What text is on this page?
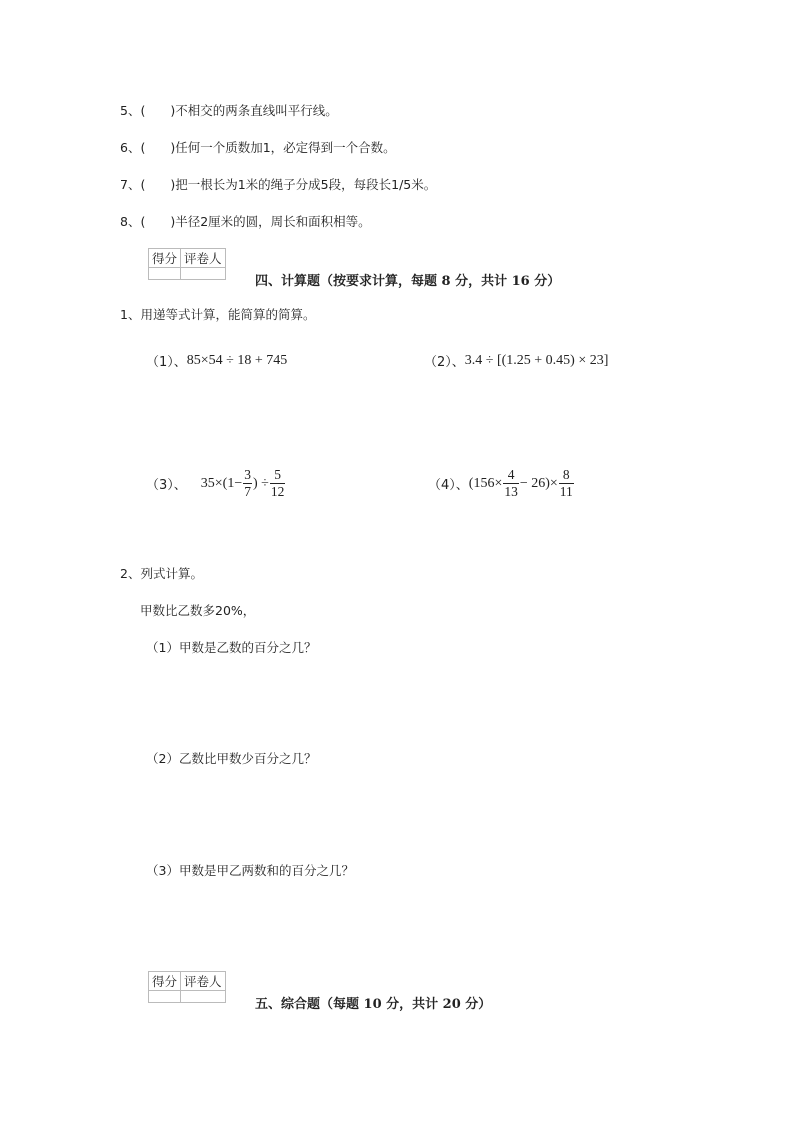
5、(　　)不相交的两条直线叫平行线。
6、(　　)任何一个质数加1，必定得到一个合数。
7、(　　)把一根长为1米的绳子分成5段，每段长1/5米。
8、(　　)半径2厘米的圆，周长和面积相等。
得分	评卷人

四、计算题（按要求计算，每题 8 分，共计 16 分）
1、用递等式计算，能简算的简算。
（1）、 85×54 ÷ 18 + 745	（2）、 3.4 ÷ [(1.25 + 0.45) × 23]
（3）、 $35\times(1- \frac{3}{7}$ ) ÷ $\frac{5}{12}$	（4）、 $(156\times \frac{4}{13} - 26)\times \frac{8}{11}$
2、列式计算。
甲数比乙数多20%，
（1）甲数是乙数的百分之几？
（2）乙数比甲数少百分之几？
（3）甲数是甲乙两数和的百分之几？
得分	评卷人

五、综合题（每题 10 分，共计 20 分）
